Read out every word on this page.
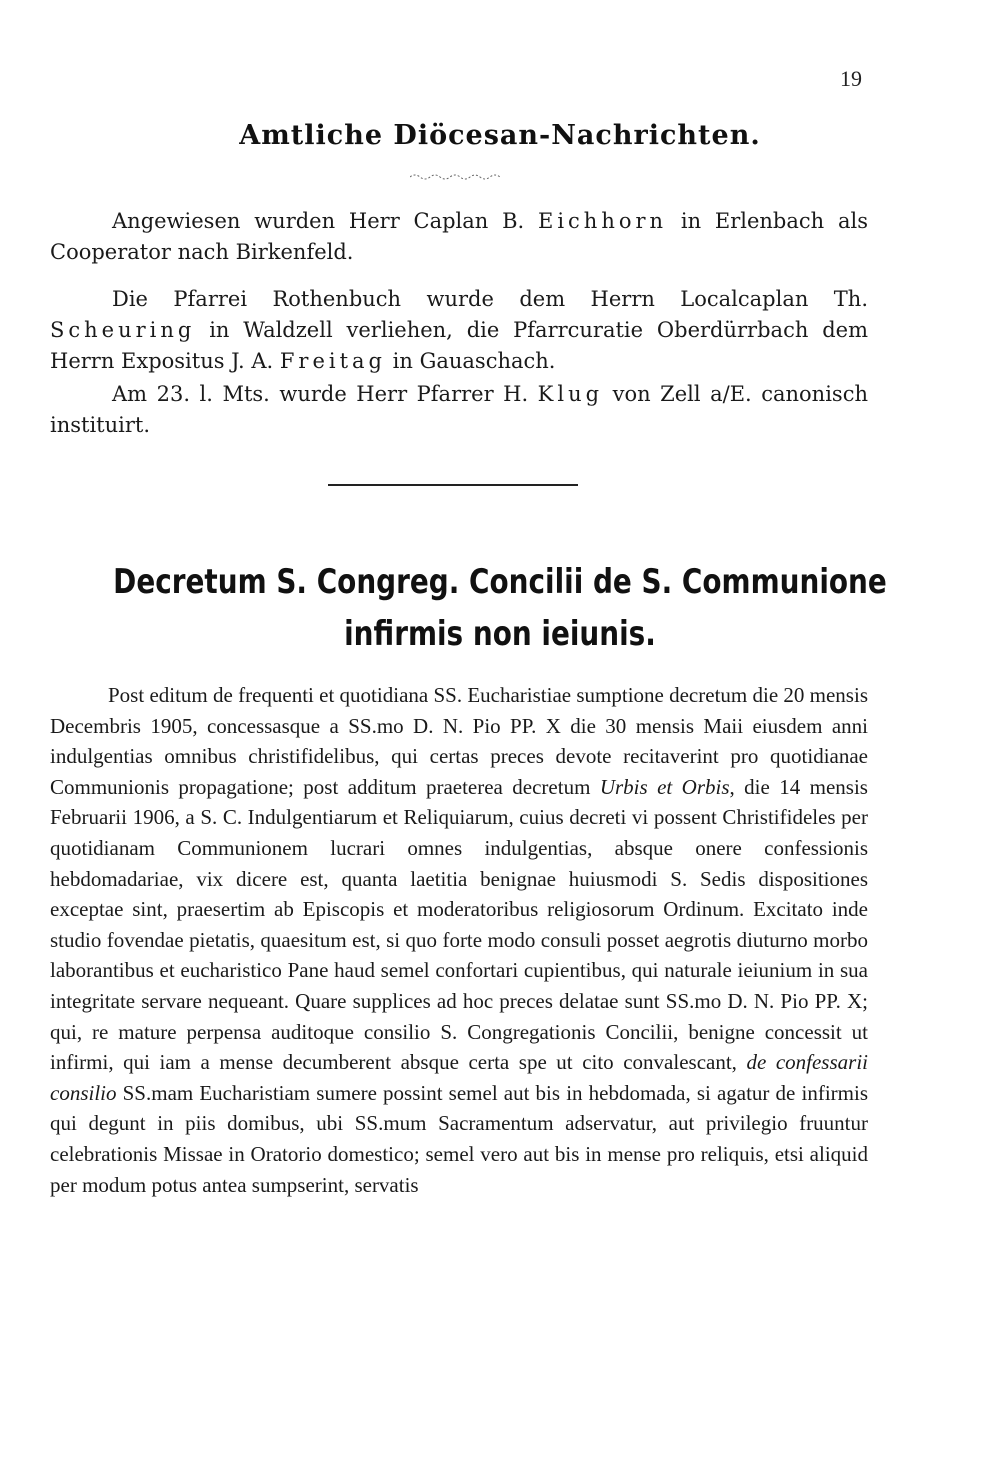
19
Amtliche Diöcesan-Nachrichten.

Angewiesen wurden Herr Caplan B. Eichhorn in Erlenbach als Cooperator nach Birkenfeld.

Die Pfarrei Rothenbuch wurde dem Herrn Localcaplan Th. Scheuring in Waldzell verliehen, die Pfarrcuratie Oberdürrbach dem Herrn Expositus J. A. Freitag in Gauaschach.

Am 23. l. Mts. wurde Herr Pfarrer H. Klug von Zell a/E. canonisch instituirt.

Decretum S. Congreg. Concilii de S. Communione
infirmis non ieiunis.

Post editum de frequenti et quotidiana SS. Eucharistiae sumptione decretum die 20 mensis Decembris 1905, concessasque a SS.mo D. N. Pio PP. X die 30 mensis Maii eiusdem anni indulgentias omnibus christifidelibus, qui certas preces devote recitaverint pro quotidianae Communionis propagatione; post additum praeterea decretum Urbis et Orbis, die 14 mensis Februarii 1906, a S. C. Indulgentiarum et Reliquiarum, cuius decreti vi possent Christifideles per quotidianam Communionem lucrari omnes indulgentias, absque onere confessionis hebdomadariae, vix dicere est, quanta laetitia benignae huiusmodi S. Sedis dispositiones exceptae sint, praesertim ab Episcopis et moderatoribus religiosorum Ordinum. Excitato inde studio fovendae pietatis, quaesitum est, si quo forte modo consuli posset aegrotis diuturno morbo laborantibus et eucharistico Pane haud semel confortari cupientibus, qui naturale ieiunium in sua integritate servare nequeant. Quare supplices ad hoc preces delatae sunt SS.mo D. N. Pio PP. X; qui, re mature perpensa auditoque consilio S. Congregationis Concilii, benigne concessit ut infirmi, qui iam a mense decumberent absque certa spe ut cito convalescant, de confessarii consilio SS.mam Eucharistiam sumere possint semel aut bis in hebdomada, si agatur de infirmis qui degunt in piis domibus, ubi SS.mum Sacramentum adservatur, aut privilegio fruuntur celebrationis Missae in Oratorio domestico; semel vero aut bis in mense pro reliquis, etsi aliquid per modum potus antea sumpserint, servatis
